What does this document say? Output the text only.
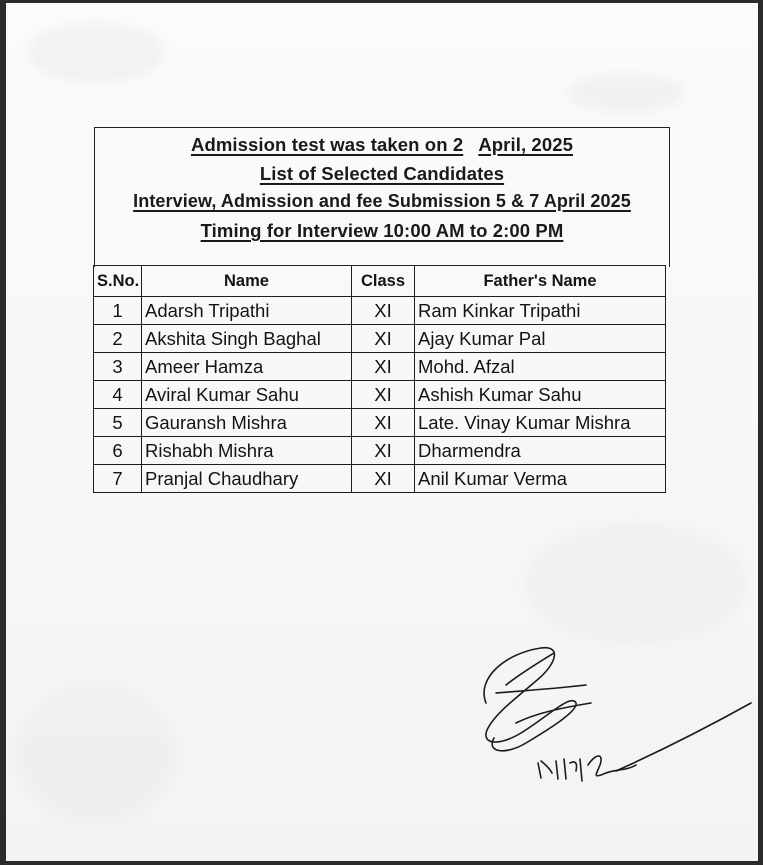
Admission test was taken on 2 April, 2025
List of Selected Candidates
Interview, Admission and fee Submission 5 & 7 April 2025
Timing for Interview 10:00 AM to 2:00 PM
S.No.	Name	Class	Father's Name
1	Adarsh Tripathi	XI	Ram Kinkar Tripathi
2	Akshita Singh Baghal	XI	Ajay Kumar Pal
3	Ameer Hamza	XI	Mohd. Afzal
4	Aviral Kumar Sahu	XI	Ashish Kumar Sahu
5	Gauransh Mishra	XI	Late. Vinay Kumar Mishra
6	Rishabh Mishra	XI	Dharmendra
7	Pranjal Chaudhary	XI	Anil Kumar Verma
